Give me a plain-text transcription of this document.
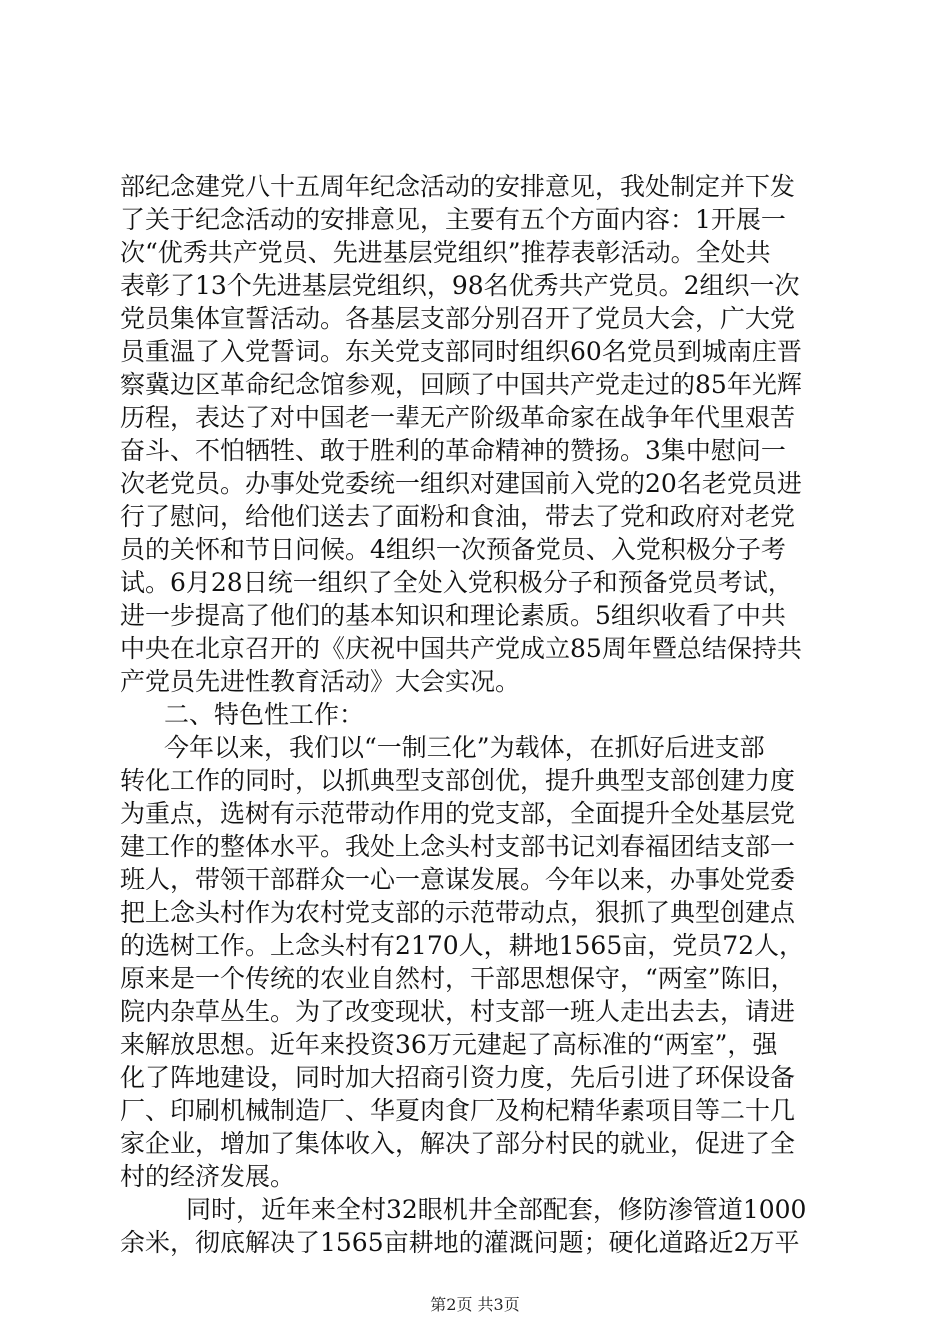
部纪念建党八十五周年纪念活动的安排意见，我处制定并下发
了关于纪念活动的安排意见，主要有五个方面内容：1开展一
次“优秀共产党员、先进基层党组织”推荐表彰活动。全处共
表彰了13个先进基层党组织，98名优秀共产党员。2组织一次
党员集体宣誓活动。各基层支部分别召开了党员大会，广大党
员重温了入党誓词。东关党支部同时组织60名党员到城南庄晋
察冀边区革命纪念馆参观，回顾了中国共产党走过的85年光辉
历程，表达了对中国老一辈无产阶级革命家在战争年代里艰苦
奋斗、不怕牺牲、敢于胜利的革命精神的赞扬。3集中慰问一
次老党员。办事处党委统一组织对建国前入党的20名老党员进
行了慰问，给他们送去了面粉和食油，带去了党和政府对老党
员的关怀和节日问候。4组织一次预备党员、入党积极分子考
试。6月28日统一组织了全处入党积极分子和预备党员考试，
进一步提高了他们的基本知识和理论素质。5组织收看了中共
中央在北京召开的《庆祝中国共产党成立85周年暨总结保持共
产党员先进性教育活动》大会实况。
二、特色性工作：
今年以来，我们以“一制三化”为载体，在抓好后进支部
转化工作的同时，以抓典型支部创优，提升典型支部创建力度
为重点，选树有示范带动作用的党支部，全面提升全处基层党
建工作的整体水平。我处上念头村支部书记刘春福团结支部一
班人，带领干部群众一心一意谋发展。今年以来，办事处党委
把上念头村作为农村党支部的示范带动点，狠抓了典型创建点
的选树工作。上念头村有2170人，耕地1565亩，党员72人，
原来是一个传统的农业自然村，干部思想保守，“两室”陈旧，
院内杂草丛生。为了改变现状，村支部一班人走出去去，请进
来解放思想。近年来投资36万元建起了高标准的“两室”，强
化了阵地建设，同时加大招商引资力度，先后引进了环保设备
厂、印刷机械制造厂、华夏肉食厂及枸杞精华素项目等二十几
家企业，增加了集体收入，解决了部分村民的就业，促进了全
村的经济发展。
同时，近年来全村32眼机井全部配套，修防渗管道1000
余米，彻底解决了1565亩耕地的灌溉问题；硬化道路近2万平
第2页 共3页
